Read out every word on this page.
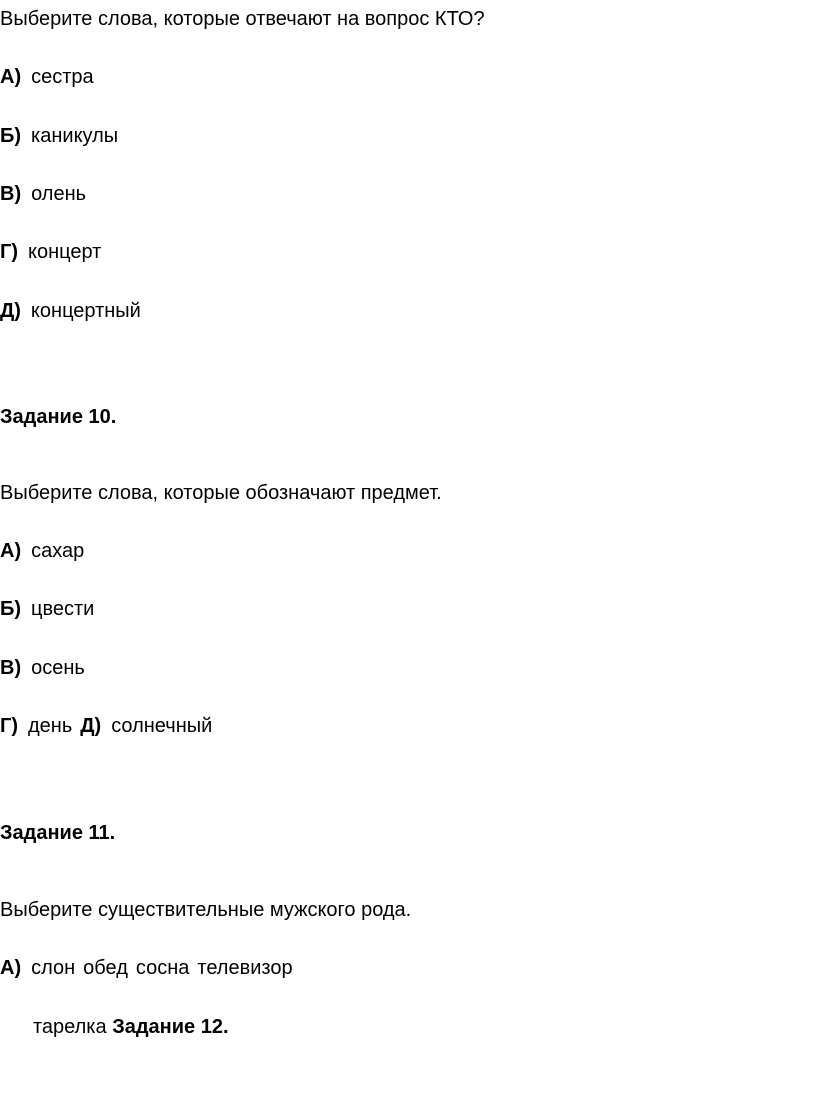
Выберите слова, которые отвечают на вопрос КТО?
А) сестра
Б) каникулы
В) олень
Г) концерт
Д) концертный
Задание 10.
Выберите слова, которые обозначают предмет.
А) сахар
Б) цвести
В) осень
Г) день Д) солнечный
Задание 11.
Выберите существительные мужского рода.
А) слон обед сосна телевизор
тарелка Задание 12.
